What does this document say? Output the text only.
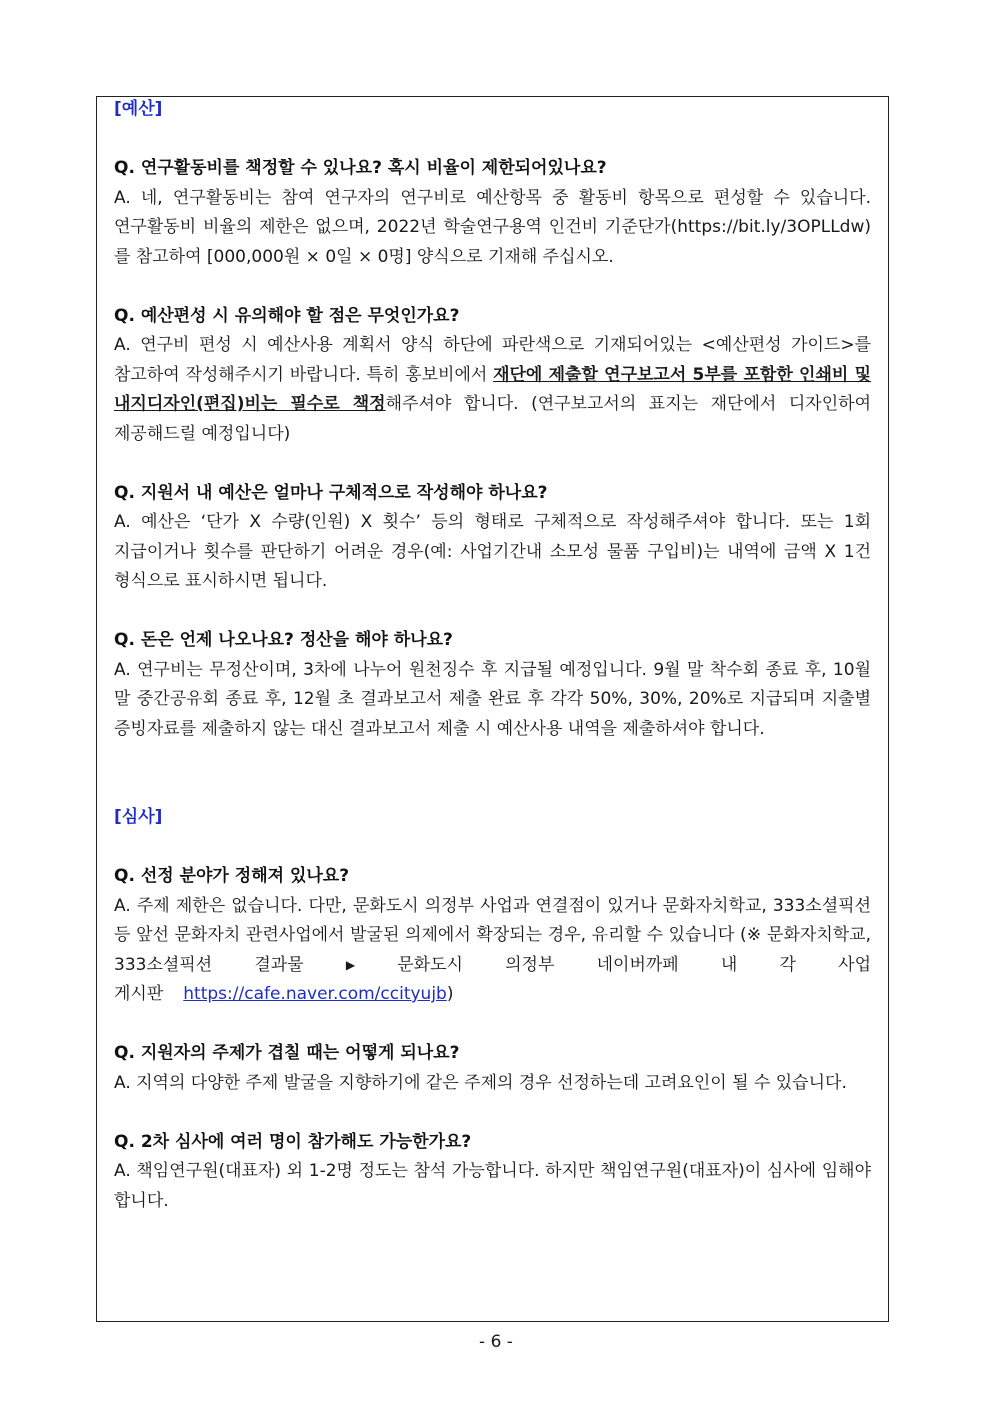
[예산]

Q. 연구활동비를 책정할 수 있나요? 혹시 비율이 제한되어있나요?

A. 네, 연구활동비는 참여 연구자의 연구비로 예산항목 중 활동비 항목으로 편성할 수 있습니다. 연구활동비 비율의 제한은 없으며, 2022년 학술연구용역 인건비 기준단가(https://bit.ly/3OPLLdw)를 참고하여 [000,000원 × 0일 × 0명] 양식으로 기재해 주십시오.

Q. 예산편성 시 유의해야 할 점은 무엇인가요?

A. 연구비 편성 시 예산사용 계획서 양식 하단에 파란색으로 기재되어있는 <예산편성 가이드>를 참고하여 작성해주시기 바랍니다. 특히 홍보비에서 재단에 제출할 연구보고서 5부를 포함한 인쇄비 및 내지디자인(편집)비는 필수로 책정해주셔야 합니다. (연구보고서의 표지는 재단에서 디자인하여 제공해드릴 예정입니다)

Q. 지원서 내 예산은 얼마나 구체적으로 작성해야 하나요?

A. 예산은 ‘단가 X 수량(인원) X 횟수’ 등의 형태로 구체적으로 작성해주셔야 합니다. 또는 1회 지급이거나 횟수를 판단하기 어려운 경우(예: 사업기간내 소모성 물품 구입비)는 내역에 금액 X 1건 형식으로 표시하시면 됩니다.

Q. 돈은 언제 나오나요? 정산을 해야 하나요?

A. 연구비는 무정산이며, 3차에 나누어 원천징수 후 지급될 예정입니다. 9월 말 착수회 종료 후, 10월 말 중간공유회 종료 후, 12월 초 결과보고서 제출 완료 후 각각 50%, 30%, 20%로 지급되며 지출별 증빙자료를 제출하지 않는 대신 결과보고서 제출 시 예산사용 내역을 제출하셔야 합니다.

[심사]

Q. 선정 분야가 정해져 있나요?

A. 주제 제한은 없습니다. 다만, 문화도시 의정부 사업과 연결점이 있거나 문화자치학교, 333소셜픽션 등 앞선 문화자치 관련사업에서 발굴된 의제에서 확장되는 경우, 유리할 수 있습니다 (※ 문화자치학교, 333소셜픽션 결과물 ▶ 문화도시 의정부 네이버까페 내 각 사업 게시판 https://cafe.naver.com/ccityujb)

Q. 지원자의 주제가 겹칠 때는 어떻게 되나요?

A. 지역의 다양한 주제 발굴을 지향하기에 같은 주제의 경우 선정하는데 고려요인이 될 수 있습니다.

Q. 2차 심사에 여러 명이 참가해도 가능한가요?

A. 책임연구원(대표자) 외 1-2명 정도는 참석 가능합니다. 하지만 책임연구원(대표자)이 심사에 임해야 합니다.

- 6 -
